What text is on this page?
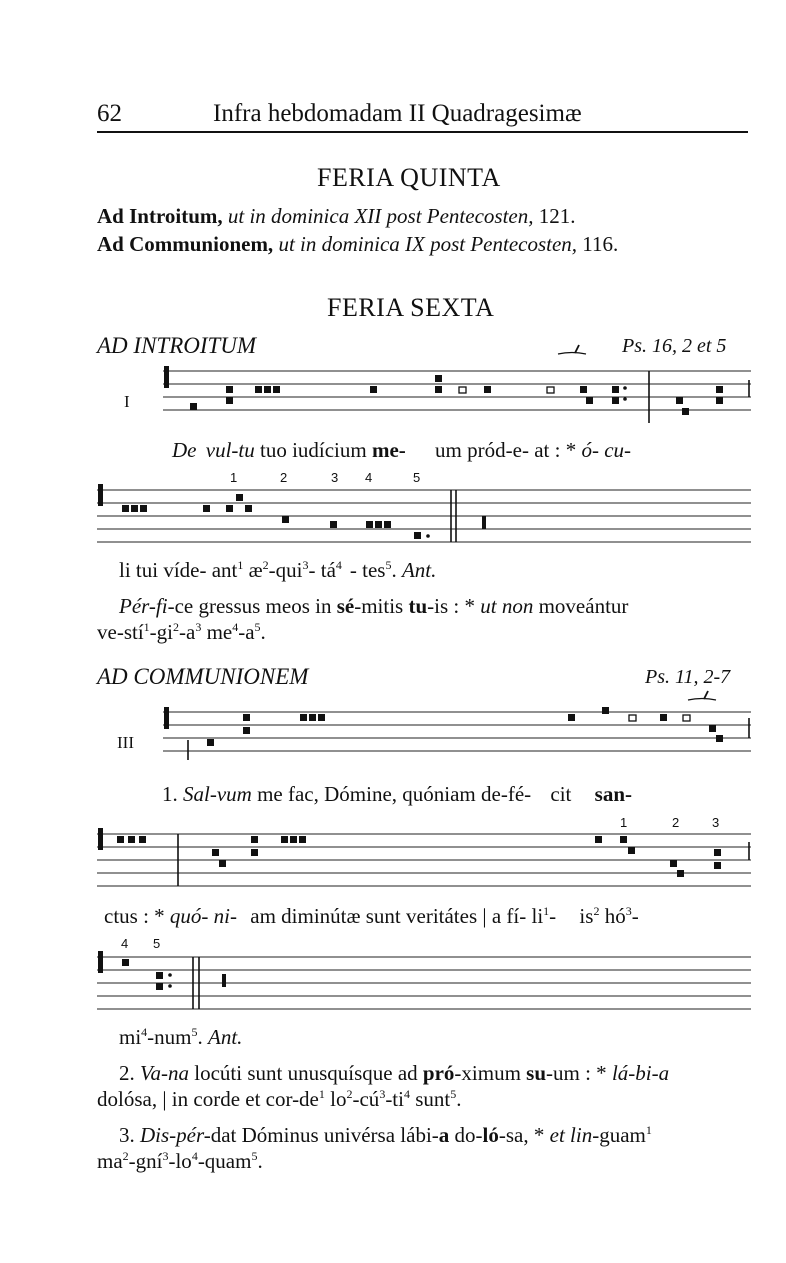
62	Infra hebdomadam II Quadragesimæ
FERIA QUINTA
Ad Introitum, ut in dominica XII post Pentecosten, 121.
Ad Communionem, ut in dominica IX post Pentecosten, 116.
FERIA SEXTA
AD INTROITUM	Ps. 16, 2 et 5
I
De vul-tu tuo iudícium me- um pród-e- at : * ó- cu-
1	2	3 4	5
li tui víde- ant$^1$ $æ^2-qui^3-$ $tá^4 - tes^5$. Ant.
Pér-fi-ce gressus meos in sé-mitis tu-is : * ut non moveántur
$ve-stí^1-gi^2-a^3$ $me^4-a^5$.
AD COMMUNIONEM	Ps. 11, 2-7
III
1. Sal-vum me fac, Dómine, quóniam de-fé- cit san-
1	2	3
ctus : * quó- ni- am diminútæ sunt veritátes | a fí- $li^1-$ $is^2$ $hó^3-$
4 5
$mi^4-num^5$. Ant.
2. Va-na locúti sunt unusquísque ad pró-ximum su-um : * lá-bi-a
dolósa, | in corde et cor-$de^1$ $lo^2-cú^3-ti^4$ sunt$^5$.
3. Dis-pér-dat Dóminus univérsa lábi-a do-ló-sa, * et lin-guam$^1$
$ma^2-gní^3-lo^4-quam^5$.
